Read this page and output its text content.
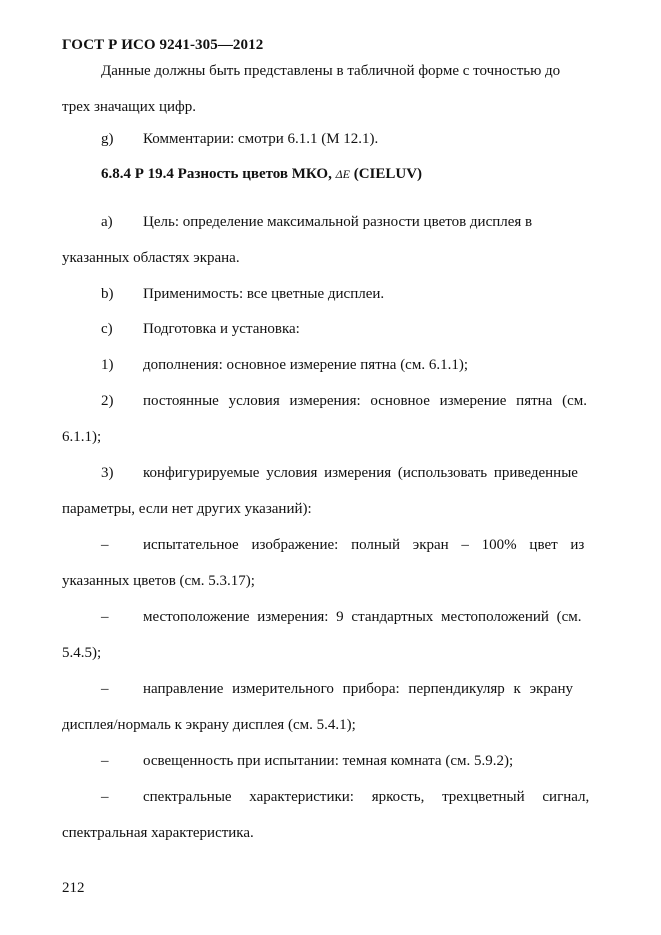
ГОСТ Р ИСО 9241-305—2012
Данные должны быть представлены в табличной форме с точностью до
трех значащих цифр.
g) Комментарии: смотри 6.1.1 (M 12.1).
6.8.4 Р 19.4 Разность цветов МКО, ΔE (CIELUV)
a) Цель: определение максимальной разности цветов дисплея в
указанных областях экрана.
b) Применимость: все цветные дисплеи.
c) Подготовка и установка:
1) дополнения: основное измерение пятна (см. 6.1.1);
2) постоянные условия измерения: основное измерение пятна (см.
6.1.1);
3) конфигурируемые условия измерения (использовать приведенные
параметры, если нет других указаний):
– испытательное изображение: полный экран – 100% цвет из
указанных цветов (см. 5.3.17);
– местоположение измерения: 9 стандартных местоположений (см.
5.4.5);
– направление измерительного прибора: перпендикуляр к экрану
дисплея/нормаль к экрану дисплея (см. 5.4.1);
– освещенность при испытании: темная комната (см. 5.9.2);
– спектральные характеристики: яркость, трехцветный сигнал,
спектральная характеристика.
212
